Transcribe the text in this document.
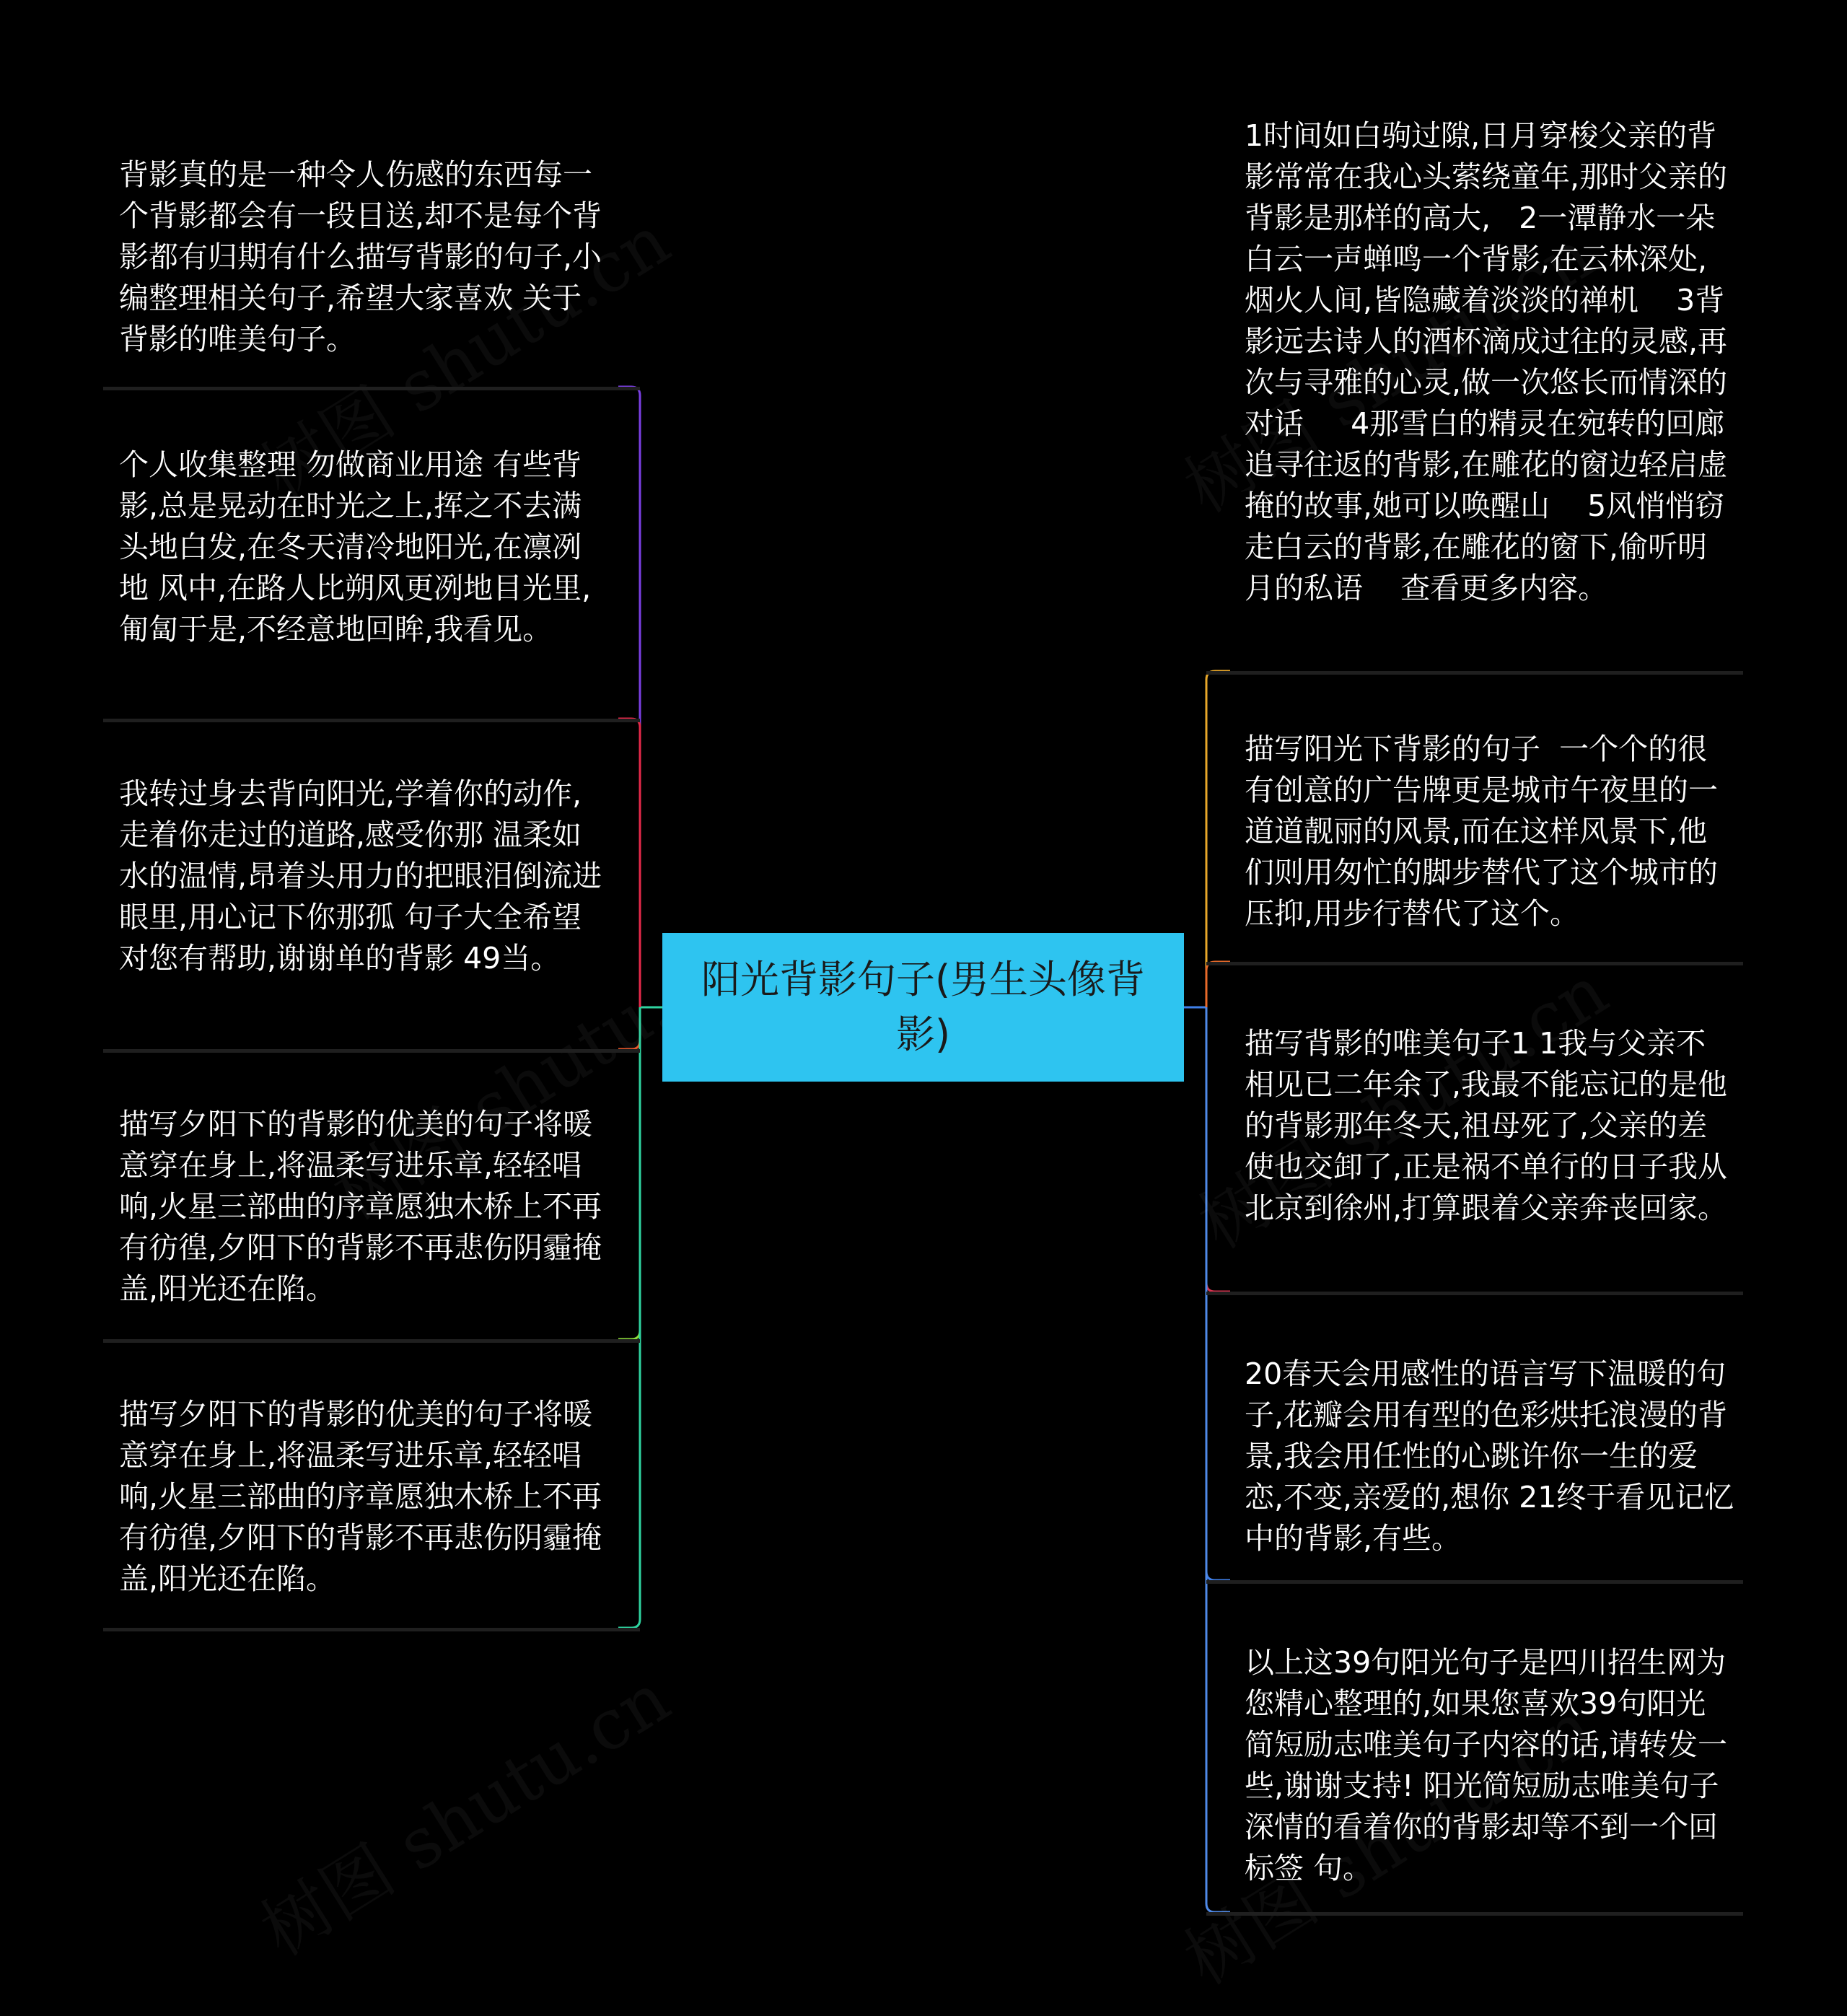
阳光背影句子(男生头像背影)
背影真的是一种令人伤感的东西每一个背影都会有一段目送,却不是每个背影都有归期有什么描写背影的句子,小编整理相关句子,希望大家喜欢 关于背影的唯美句子。
个人收集整理 勿做商业用途 有些背影,总是晃动在时光之上,挥之不去满头地白发,在冬天清冷地阳光,在凛冽地 风中,在路人比朔风更冽地目光里,匍匐于是,不经意地回眸,我看见。
我转过身去背向阳光,学着你的动作,走着你走过的道路,感受你那 温柔如水的温情,昂着头用力的把眼泪倒流进眼里,用心记下你那孤 句子大全希望对您有帮助,谢谢单的背影 49当。
描写夕阳下的背影的优美的句子将暖意穿在身上,将温柔写进乐章,轻轻唱响,火星三部曲的序章愿独木桥上不再有彷徨,夕阳下的背影不再悲伤阴霾掩盖,阳光还在陷。
描写夕阳下的背影的优美的句子将暖意穿在身上,将温柔写进乐章,轻轻唱响,火星三部曲的序章愿独木桥上不再有彷徨,夕阳下的背影不再悲伤阴霾掩盖,阳光还在陷。
1时间如白驹过隙,日月穿梭父亲的背影常常在我心头萦绕童年,那时父亲的背影是那样的高大,   2一潭静水一朵白云一声蝉鸣一个背影,在云林深处,烟火人间,皆隐藏着淡淡的禅机    3背影远去诗人的酒杯滴成过往的灵感,再次与寻雅的心灵,做一次悠长而情深的对话     4那雪白的精灵在宛转的回廊追寻往返的背影,在雕花的窗边轻启虚掩的故事,她可以唤醒山    5风悄悄窃走白云的背影,在雕花的窗下,偷听明月的私语    查看更多内容。
描写阳光下背影的句子  一个个的很有创意的广告牌更是城市午夜里的一道道靓丽的风景,而在这样风景下,他们则用匆忙的脚步替代了这个城市的压抑,用步行替代了这个。
描写背影的唯美句子1 1我与父亲不相见已二年余了,我最不能忘记的是他的背影那年冬天,祖母死了,父亲的差使也交卸了,正是祸不单行的日子我从北京到徐州,打算跟着父亲奔丧回家。
20春天会用感性的语言写下温暖的句子,花瓣会用有型的色彩烘托浪漫的背景,我会用任性的心跳许你一生的爱恋,不变,亲爱的,想你 21终于看见记忆中的背影,有些。
以上这39句阳光句子是四川招生网为您精心整理的,如果您喜欢39句阳光简短励志唯美句子内容的话,请转发一些,谢谢支持! 阳光简短励志唯美句子深情的看着你的背影却等不到一个回标签 句。
